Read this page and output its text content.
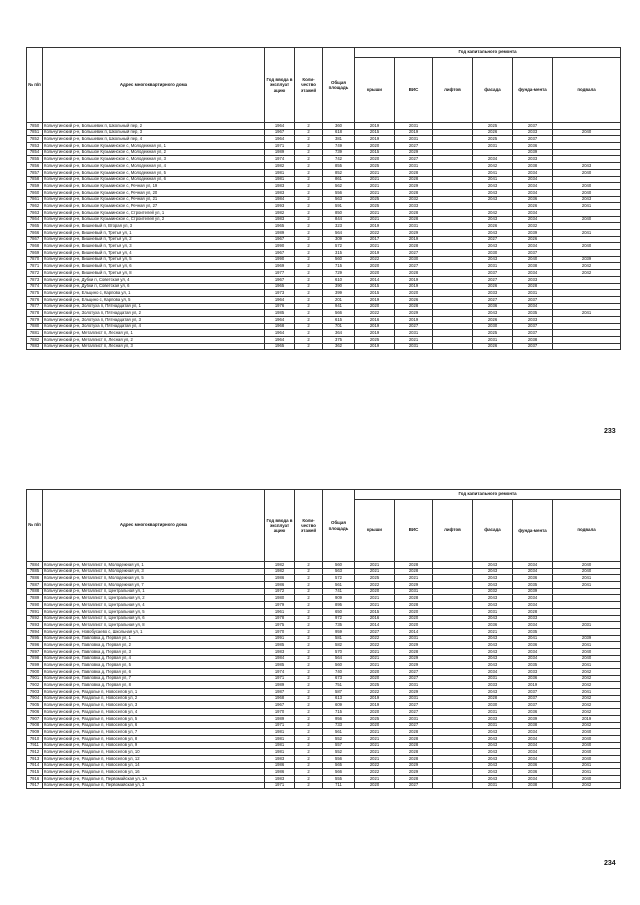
№ п/п	Адрес многоквартирного дома	Год ввода в эксплуат ацию	Коли-чество этажей	Общая площадь	Год капитального ремонта					
					крыши	ВИС	лифтов	фасада	фунда-мента	подвала
7850	Кольчугинский р-н, Большевик п, Школьный пер, 2	1964	2	360	2019	2031		2025	2037	
7851	Кольчугинский р-н, Большевик п, Школьный пер, 3	1967	2	618	2015	2019		2026	2033	2040
7852	Кольчугинский р-н, Большевик п, Школьный пер, 4	1964	2	381	2019	2031		2025	2037	
7853	Кольчугинский р-н, Большое Кузьминское с, Молодежная ул, 1	1971	2	749	2020	2027		2031	2036	
7854	Кольчугинский р-н, Большое Кузьминское с, Молодежная ул, 2	1989	2	739	2015	2029			2039	
7855	Кольчугинский р-н, Большое Кузьминское с, Молодежная ул, 3	1974	2	742	2020	2027		2034	2033	
7856	Кольчугинский р-н, Большое Кузьминское с, Молодежная ул, 4	1982	2	855	2025	2031		2042	2038	2043
7857	Кольчугинский р-н, Большое Кузьминское с, Молодежная ул, 5	1981	2	852	2021	2028		2041	2034	2040
7858	Кольчугинский р-н, Большое Кузьминское с, Молодежная ул, 6	1981	2	861	2021	2028		2041	2034	
7859	Кольчугинский р-н, Большое Кузьминское с, Речная ул, 19	1983	2	562	2021	2029		2043	2034	2040
7860	Кольчугинский р-н, Большое Кузьминское с, Речная ул, 20	1983	2	556	2021	2028		2043	2034	2040
7861	Кольчугинский р-н, Большое Кузьминское с, Речная ул, 21	1984	2	563	2025	2032		2043	2036	2043
7862	Кольчугинский р-н, Большое Кузьминское с, Речная ул, 27	1993	2	591	2025	2033			2026	2041
7863	Кольчугинский р-н, Большое Кузьминское с, Строителей ул, 1	1982	2	850	2021	2028		2042	2034	
7864	Кольчугинский р-н, Большое Кузьминское с, Строителей ул, 2	1983	2	844	2021	2028		2043	2034	2040
7865	Кольчугинский р-н, Вишневый п, Вторая ул, 3	1965	2	323	2019	2031		2026	2032	
7866	Кольчугинский р-н, Вишневый п, Третья ул, 1	1989	2	564	2022	2029		2043	2039	2041
7867	Кольчугинский р-н, Вишневый п, Третья ул, 2	1967	2	309	2017	2019		2027	2026	
7868	Кольчугинский р-н, Вишневый п, Третья ул, 3	1990	2	572	2021	2028		2043	2034	2040
7869	Кольчугинский р-н, Вишневый п, Третья ул, 4	1967	2	315	2019	2027		2030	2037	
7870	Кольчугинский р-н, Вишневый п, Третья ул, 5	1990	2	560	2022	2030		2043	2040	2039
7871	Кольчугинский р-н, Вишневый п, Третья ул, 6	1969	2	715	2020	2027		2031	2038	2042
7872	Кольчугинский р-н, Вишневый п, Третья ул, 8	1977	2	729	2020	2028		2037	2034	2042
7873	Кольчугинский р-н, Дубки п, Советская ул, 4	1967	2	610	2014	2019		2027	2033	
7874	Кольчугинский р-н, Дубки п, Советская ул, 6	1965	2	390	2015	2019		2026	2028	
7875	Кольчугинский р-н, Ельцино с, Карпова ул, 1	1973	2	399	2015	2020		2033	2031	
7876	Кольчугинский р-н, Ельцино с, Карпова ул, 5	1964	2	201	2019	2026		2027	2037	
7877	Кольчугинский р-н, Золотуха п, Пятнадцатая ул, 1	1976	2	941	2020	2028		2036	2034	
7878	Кольчугинский р-н, Золотуха п, Пятнадцатая ул, 2	1985	2	566	2022	2029		2043	2035	2041
7879	Кольчугинский р-н, Золотуха п, Пятнадцатая ул, 3	1964	2	615	2016	2019		2026	2033	
7880	Кольчугинский р-н, Золотуха п, Пятнадцатая ул, 4	1968	2	701	2019	2027		2030	2037	
7881	Кольчугинский р-н, Металлист п, Лесная ул, 1	1964	2	364	2019	2031		2025	2037	
7882	Кольчугинский р-н, Металлист п, Лесная ул, 2	1964	2	375	2025	2021		2031	2038	
7883	Кольчугинский р-н, Металлист п, Лесная ул, 3	1965	2	362	2019	2031		2026	2037	
233
№ п/п	Адрес многоквартирного дома	Год ввода в эксплуат ацию	Коли-чество этажей	Общая площадь	Год капитального ремонта					
					крыши	ВИС	лифтов	фасада	фунда-мента	подвала
7884	Кольчугинский р-н, Металлист п, Молодежная ул, 1	1982	2	560	2021	2028		2043	2034	2040
7885	Кольчугинский р-н, Металлист п, Молодежная ул, 3	1982	2	563	2021	2028		2043	2034	2040
7886	Кольчугинский р-н, Металлист п, Молодежная ул, 5	1986	2	572	2025	2021		2043	2036	2041
7887	Кольчугинский р-н, Металлист п, Молодежная ул, 7	1986	2	561	2022	2029		2043	2035	2041
7888	Кольчугинский р-н, Металлист п, Центральная ул, 1	1972	2	741	2020	2031		2032	2039	
7889	Кольчугинский р-н, Металлист п, Центральная ул, 2	1980	2	909	2021	2028		2043	2034	
7890	Кольчугинский р-н, Металлист п, Центральная ул, 4	1979	2	895	2021	2028		2043	2034	
7891	Кольчугинский р-н, Металлист п, Центральная ул, 5	1961	2	650	2015	2020		2031	2028	
7892	Кольчугинский р-н, Металлист п, Центральная ул, 6	1978	2	972	2016	2020		2043	2033	
7893	Кольчугинский р-н, Металлист п, Центральная ул, 8	1975	2	735	2014	2020		2036	2034	2031
7894	Кольчугинский р-н, Новобусаево с, Школьная ул, 1	1970	2	959	2027	2014		2021	2035	
7895	Кольчугинский р-н, Павловка д, Первая ул, 1	1991	2	581	2022	2031		2043	2041	2039
7896	Кольчугинский р-н, Павловка д, Первая ул, 2	1985	2	582	2022	2029		2043	2036	2041
7897	Кольчугинский р-н, Павловка д, Первая ул, 3	1983	2	570	2021	2028		2043	2034	2040
7898	Кольчугинский р-н, Павловка д, Первая ул, 4	1984	2	564	2021	2029		2043	2034	2040
7899	Кольчугинский р-н, Павловка д, Первая ул, 5	1985	2	560	2021	2029		2043	2035	2041
7900	Кольчугинский р-н, Павловка д, Первая ул, 6	1974	2	740	2020	2027		2034	2033	2042
7901	Кольчугинский р-н, Павловка д, Первая ул, 7	1971	2	673	2020	2027		2031	2036	2042
7902	Кольчугинский р-н, Павловка д, Первая ул, 8	1989	2	751	2025	2031		2033	2019	2042
7903	Кольчугинский р-н, Раздолье п, Новоселов ул, 1	1987	2	587	2022	2029		2043	2037	2041
7904	Кольчугинский р-н, Раздолье п, Новоселов ул, 2	1968	2	613	2019	2031		2028	2037	2042
7905	Кольчугинский р-н, Раздолье п, Новоселов ул, 3	1967	2	609	2019	2027		2030	2037	2042
7906	Кольчугинский р-н, Раздолье п, Новоселов ул, 4	1970	2	715	2020	2027		2031	2036	2042
7907	Кольчугинский р-н, Раздолье п, Новоселов ул, 5	1989	2	956	2025	2031		2033	2039	2019
7908	Кольчугинский р-н, Раздолье п, Новоселов ул, 6	1971	2	733	2020	2027		2031	2038	2042
7909	Кольчугинский р-н, Раздолье п, Новоселов ул, 7	1981	2	561	2021	2028		2043	2034	2040
7910	Кольчугинский р-н, Раздолье п, Новоселов ул, 8	1981	2	552	2021	2028		2043	2034	2040
7911	Кольчугинский р-н, Раздолье п, Новоселов ул, 9	1981	2	557	2021	2028		2043	2034	2040
7912	Кольчугинский р-н, Раздолье п, Новоселов ул, 10	1981	2	552	2021	2028		2043	2034	2040
7913	Кольчугинский р-н, Раздолье п, Новоселов ул, 12	1983	2	556	2021	2028		2043	2034	2040
7914	Кольчугинский р-н, Раздолье п, Новоселов ул, 14	1986	2	565	2022	2029		2043	2036	2041
7915	Кольчугинский р-н, Раздолье п, Новоселов ул, 16	1986	2	566	2022	2029		2043	2036	2041
7916	Кольчугинский р-н, Раздолье п, Первомайская ул, 1А	1983	2	555	2021	2028		2043	2034	2040
7917	Кольчугинский р-н, Раздолье п, Первомайская ул, 3	1971	2	711	2020	2027		2031	2038	2042
234
